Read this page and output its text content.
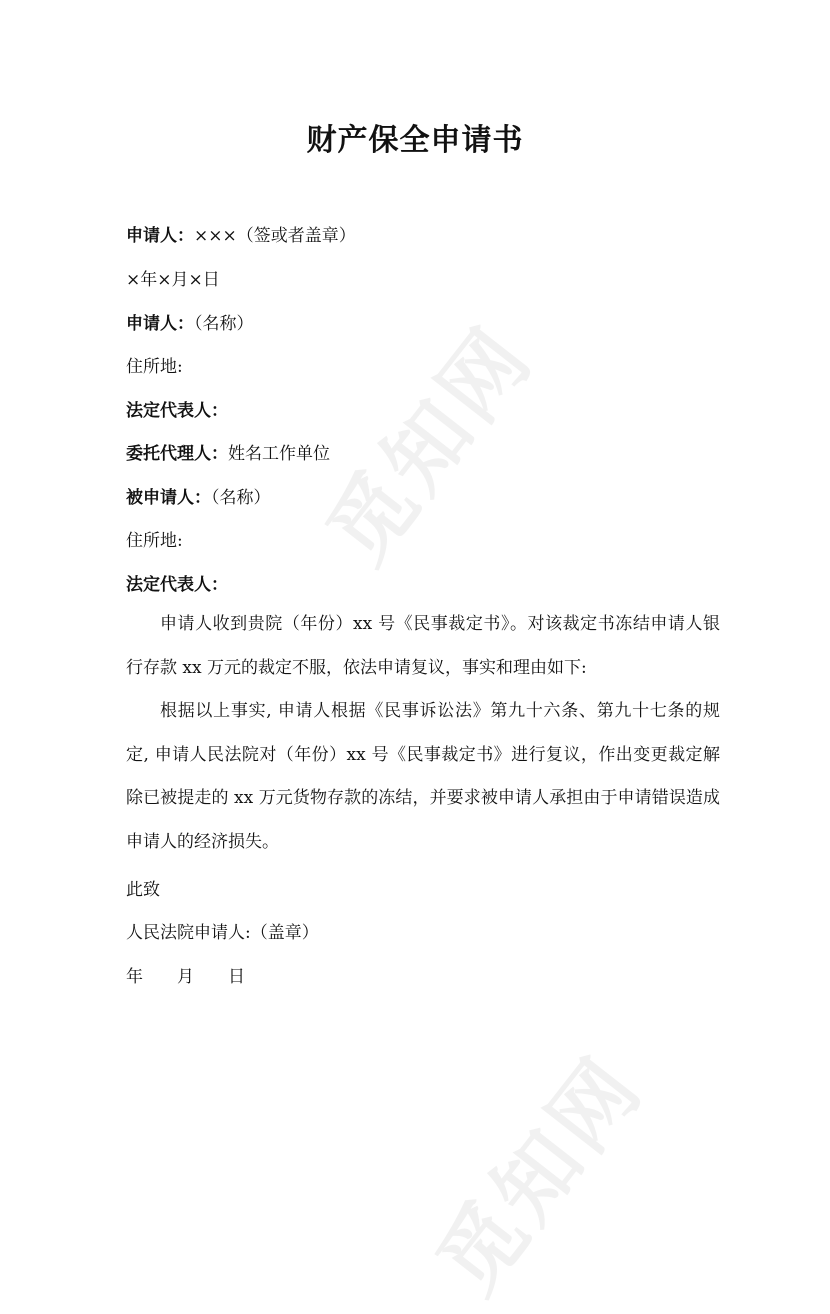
觅知网
觅知网
财产保全申请书
申请人：×××（签或者盖章）
×年×月×日
申请人：（名称）
住所地:
法定代表人：
委托代理人：姓名工作单位
被申请人：（名称）
住所地:
法定代表人：
申请人收到贵院（年份）xx 号《民事裁定书》。对该裁定书冻结申请人银行存款 xx 万元的裁定不服，依法申请复议，事实和理由如下:
根据以上事实, 申请人根据《民事诉讼法》第九十六条、第九十七条的规定, 申请人民法院对（年份）xx 号《民事裁定书》进行复议，作出变更裁定解除已被提走的 xx 万元货物存款的冻结，并要求被申请人承担由于申请错误造成申请人的经济损失。
此致
人民法院申请人:（盖章）
年　　月　　日
